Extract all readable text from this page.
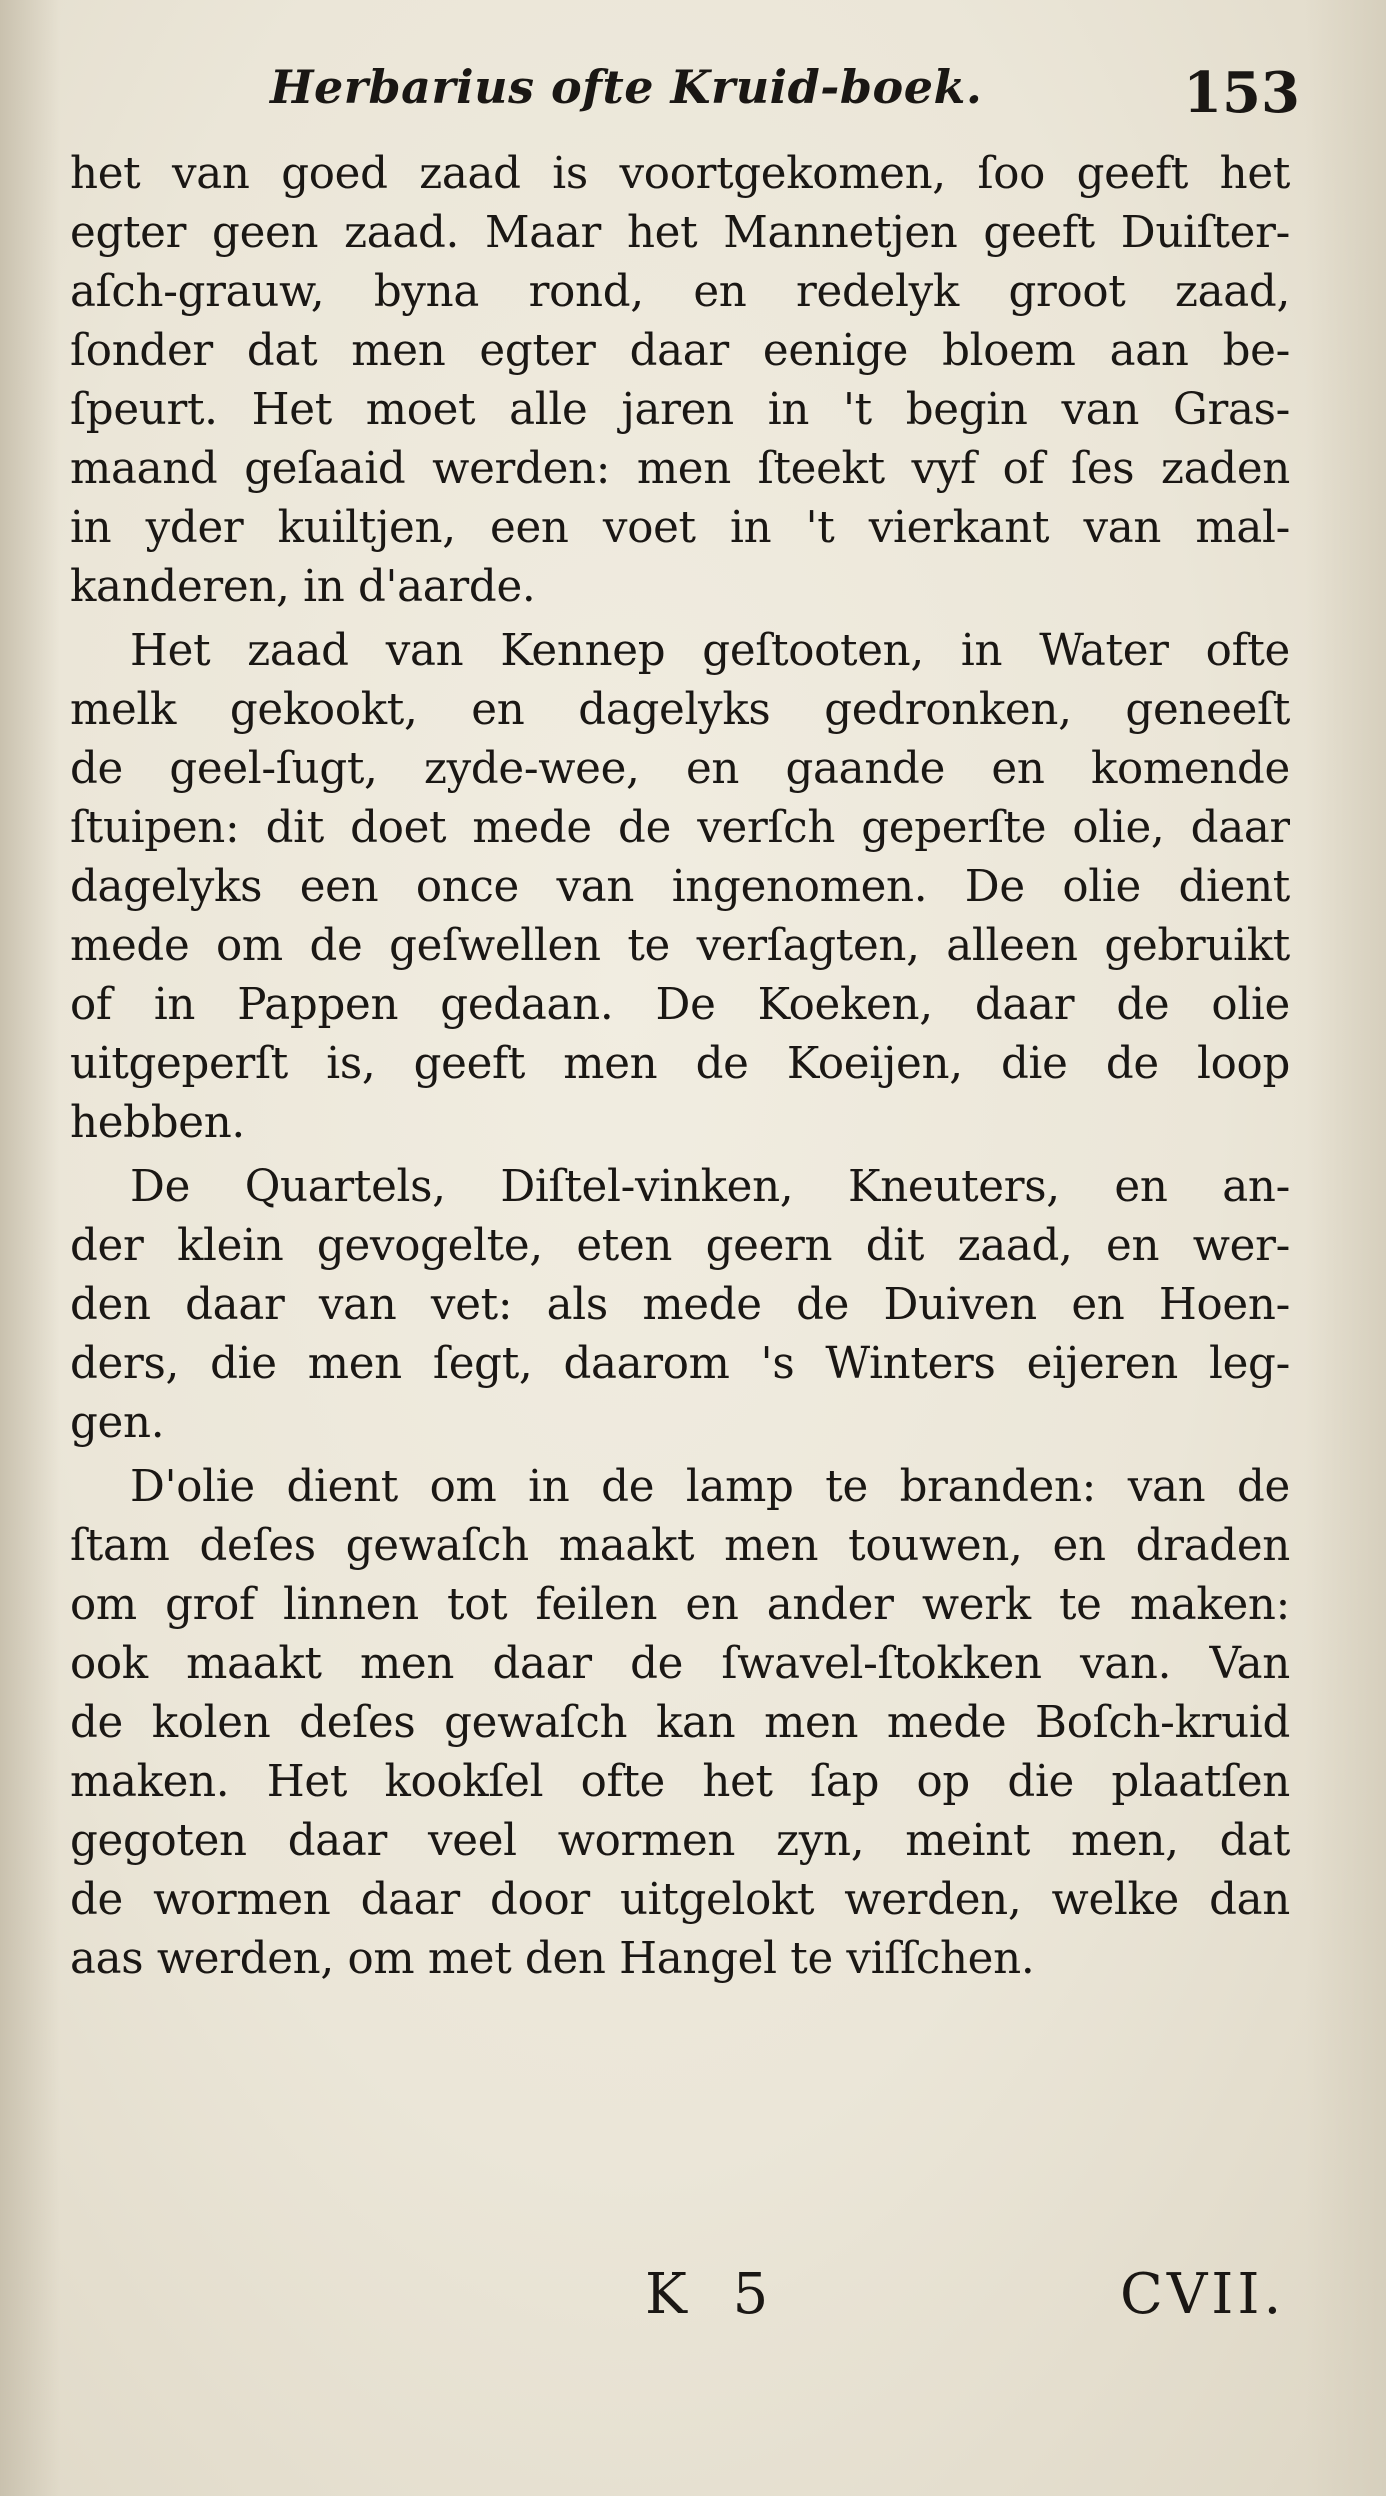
Herbarius ofte Kruid-boek.	153
het van goed zaad is voortgekomen, ſoo geeft het
egter geen zaad. Maar het Mannetjen geeft Duiſter-
aſch-grauw, byna rond, en redelyk groot zaad,
ſonder dat men egter daar eenige bloem aan be-
ſpeurt. Het moet alle jaren in 't begin van Gras-
maand geſaaid werden: men ſteekt vyf of ſes zaden
in yder kuiltjen, een voet in 't vierkant van mal-
kanderen, in d'aarde.
Het zaad van Kennep geſtooten, in Water ofte
melk gekookt, en dagelyks gedronken, geneeſt
de geel-ſugt, zyde-wee, en gaande en komende
ſtuipen: dit doet mede de verſch geperſte olie, daar
dagelyks een once van ingenomen. De olie dient
mede om de geſwellen te verſagten, alleen gebruikt
of in Pappen gedaan. De Koeken, daar de olie
uitgeperſt is, geeft men de Koeijen, die de loop
hebben.
De Quartels, Diſtel-vinken, Kneuters, en an-
der klein gevogelte, eten geern dit zaad, en wer-
den daar van vet: als mede de Duiven en Hoen-
ders, die men ſegt, daarom 's Winters eijeren leg-
gen.
D'olie dient om in de lamp te branden: van de
ſtam deſes gewaſch maakt men touwen, en draden
om grof linnen tot feilen en ander werk te maken:
ook maakt men daar de ſwavel-ſtokken van. Van
de kolen deſes gewaſch kan men mede Boſch-kruid
maken. Het kookſel ofte het ſap op die plaatſen
gegoten daar veel wormen zyn, meint men, dat
de wormen daar door uitgelokt werden, welke dan
aas werden, om met den Hangel te viſſchen.
K 5	CVII.
